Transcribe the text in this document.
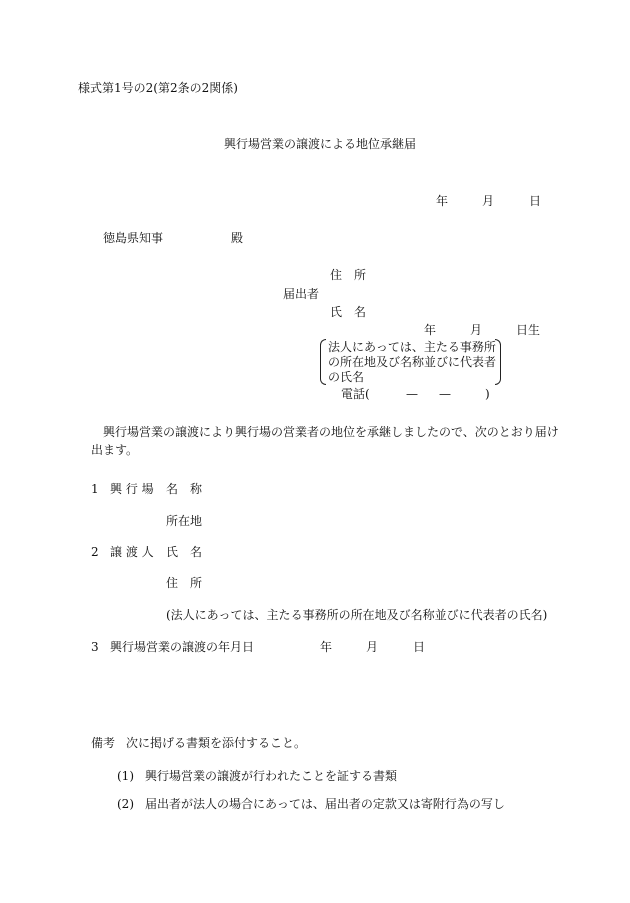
様式第1号の2(第2条の2関係)
興行場営業の譲渡による地位承継届
年	月	日
徳島県知事	殿
住　所
届出者
氏　名
年	月	日生
法人にあっては、主たる事務所
の所在地及び名称並びに代表者
の氏名
電話(	— —	)
興行場営業の譲渡により興行場の営業者の地位を承継しましたので、次のとおり届け
出ます。
1 興 行 場 名　称
所在地
2 譲 渡 人 氏　名
住　所
(法人にあっては、主たる事務所の所在地及び名称並びに代表者の氏名)
3 興行場営業の譲渡の年月日	年	月	日
備考 次に掲げる書類を添付すること。
(1) 興行場営業の譲渡が行われたことを証する書類
(2) 届出者が法人の場合にあっては、届出者の定款又は寄附行為の写し
